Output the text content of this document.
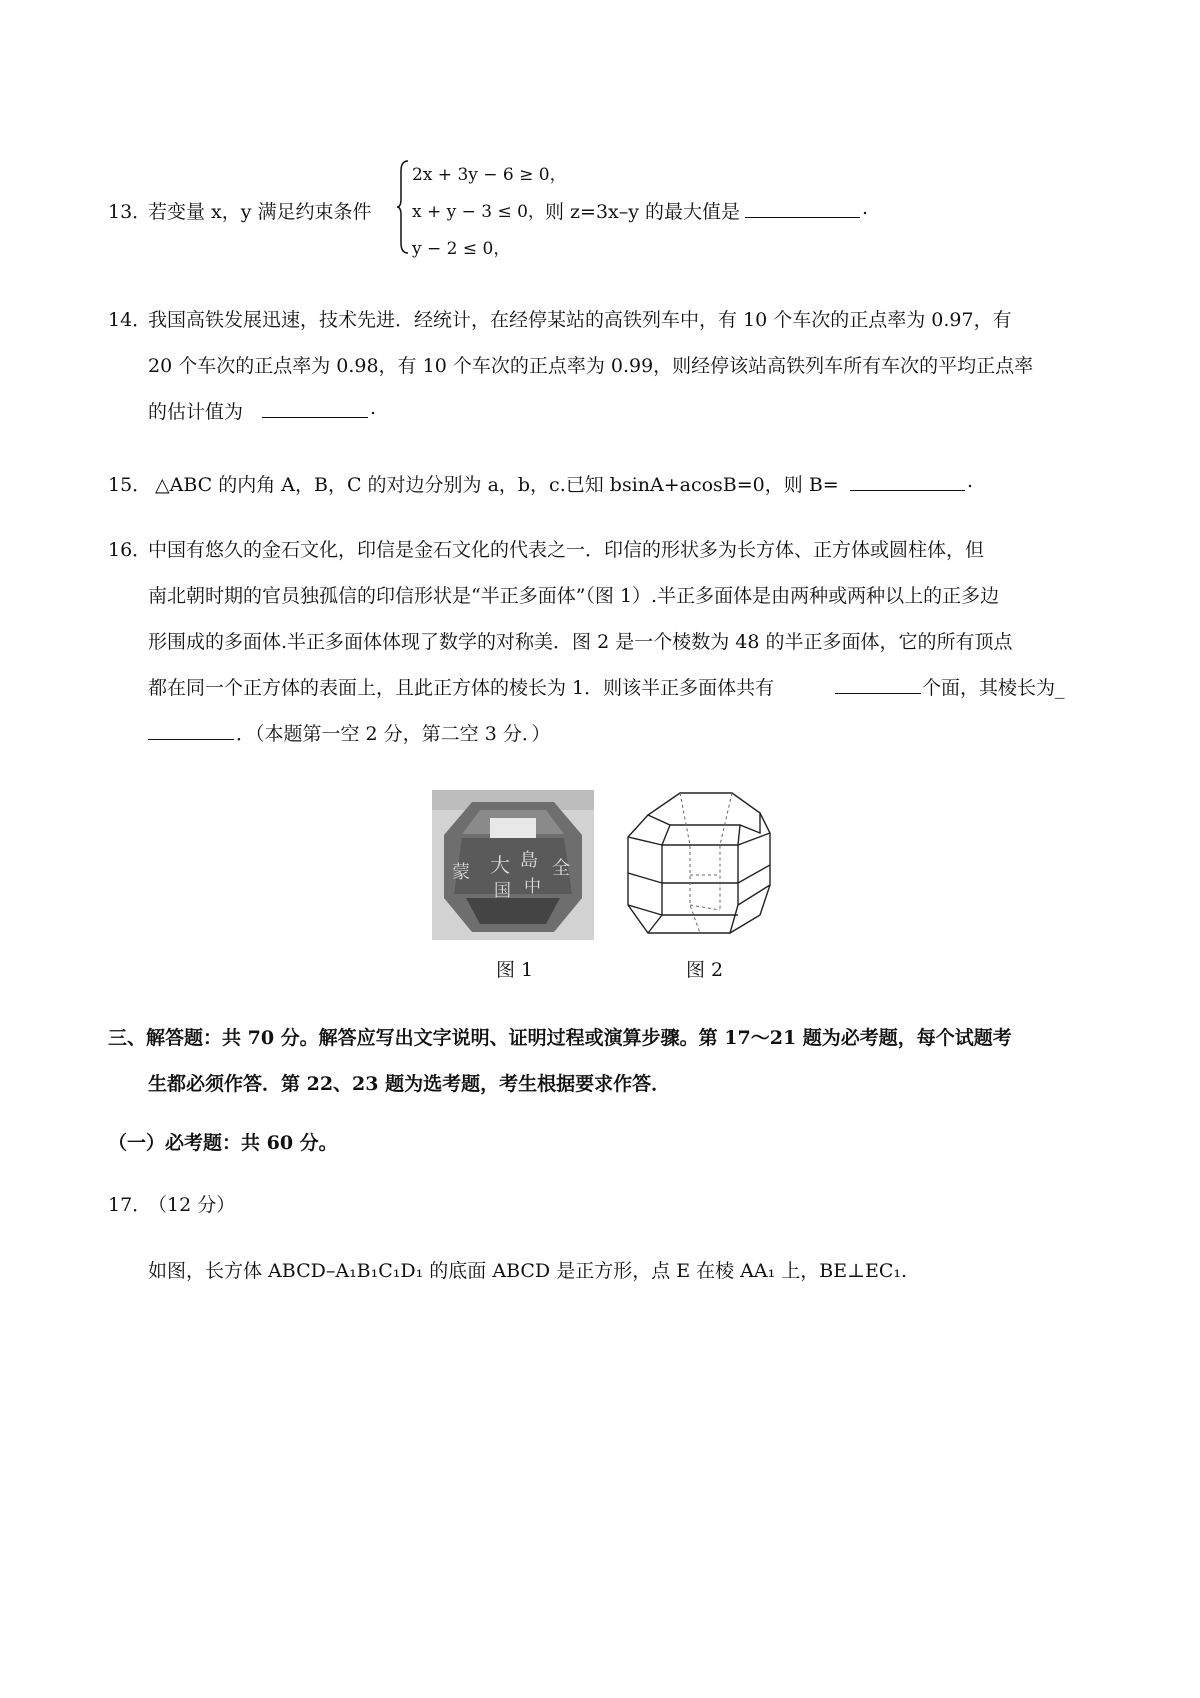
13．
若变量 x，y 满足约束条件
2x + 3y − 6 ≥ 0，
x + y − 3 ≤ 0，
y − 2 ≤ 0，
则 z=3x–y 的最大值是	.
14．
我国高铁发展迅速，技术先进．经统计，在经停某站的高铁列车中，有 10 个车次的正点率为 0.97，有
20 个车次的正点率为 0.98，有 10 个车次的正点率为 0.99，则经停该站高铁列车所有车次的平均正点率
的估计值为	.
15． △ABC 的内角 A，B，C 的对边分别为 a，b，c.已知 bsinA+acosB=0，则 B=	.
16．
中国有悠久的金石文化，印信是金石文化的代表之一．印信的形状多为长方体、正方体或圆柱体，但
南北朝时期的官员独孤信的印信形状是“半正多面体”（图 1）.半正多面体是由两种或两种以上的正多边
形围成的多面体.半正多面体体现了数学的对称美．图 2 是一个棱数为 48 的半正多面体，它的所有顶点
都在同一个正方体的表面上，且此正方体的棱长为 1．则该半正多面体共有	个面，其棱长为_
．（本题第一空 2 分，第二空 3 分．）
大 島 全
蒙
国 中
图 1	图 2
三、解答题：共 70 分。解答应写出文字说明、证明过程或演算步骤。第 17～21 题为必考题，每个试题考
生都必须作答．第 22、23 题为选考题，考生根据要求作答．
（一）必考题：共 60 分。
17．
（12 分）
如图，长方体 ABCD–A₁B₁C₁D₁ 的底面 ABCD 是正方形，点 E 在棱 AA₁ 上，BE⊥EC₁.
